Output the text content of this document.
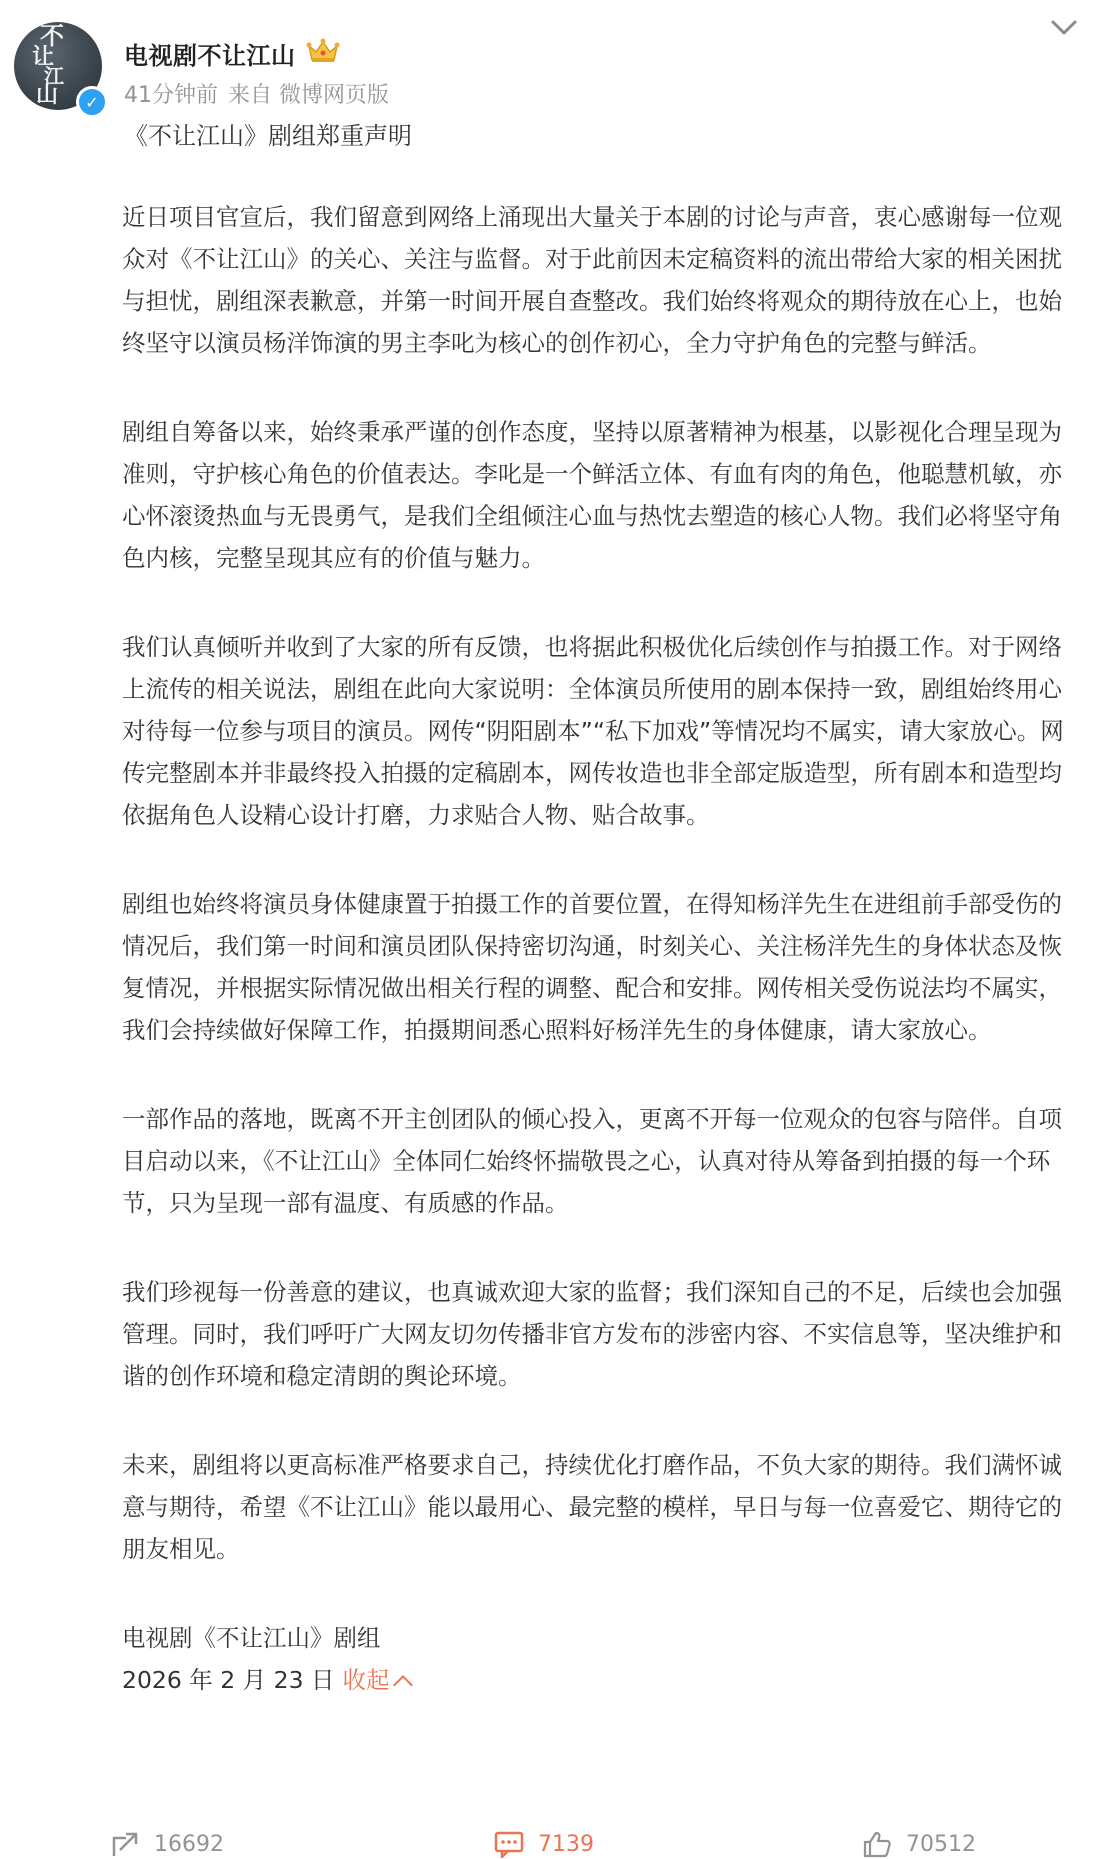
不
让
江
山	✓
电视剧不让江山
41分钟前 来自 微博网页版
《不让江山》剧组郑重声明

近日项目官宣后，我们留意到网络上涌现出大量关于本剧的讨论与声音，衷心感谢每一位观众对《不让江山》的关心、关注与监督。对于此前因未定稿资料的流出带给大家的相关困扰与担忧，剧组深表歉意，并第一时间开展自查整改。我们始终将观众的期待放在心上，也始终坚守以演员杨洋饰演的男主李叱为核心的创作初心，全力守护角色的完整与鲜活。

剧组自筹备以来，始终秉承严谨的创作态度，坚持以原著精神为根基，以影视化合理呈现为准则，守护核心角色的价值表达。李叱是一个鲜活立体、有血有肉的角色，他聪慧机敏，亦心怀滚烫热血与无畏勇气，是我们全组倾注心血与热忱去塑造的核心人物。我们必将坚守角色内核，完整呈现其应有的价值与魅力。

我们认真倾听并收到了大家的所有反馈，也将据此积极优化后续创作与拍摄工作。对于网络上流传的相关说法，剧组在此向大家说明：全体演员所使用的剧本保持一致，剧组始终用心对待每一位参与项目的演员。网传“阴阳剧本”“私下加戏”等情况均不属实，请大家放心。网传完整剧本并非最终投入拍摄的定稿剧本，网传妆造也非全部定版造型，所有剧本和造型均依据角色人设精心设计打磨，力求贴合人物、贴合故事。

剧组也始终将演员身体健康置于拍摄工作的首要位置，在得知杨洋先生在进组前手部受伤的情况后，我们第一时间和演员团队保持密切沟通，时刻关心、关注杨洋先生的身体状态及恢复情况，并根据实际情况做出相关行程的调整、配合和安排。网传相关受伤说法均不属实，我们会持续做好保障工作，拍摄期间悉心照料好杨洋先生的身体健康，请大家放心。

一部作品的落地，既离不开主创团队的倾心投入，更离不开每一位观众的包容与陪伴。自项目启动以来，《不让江山》全体同仁始终怀揣敬畏之心，认真对待从筹备到拍摄的每一个环节，只为呈现一部有温度、有质感的作品。

我们珍视每一份善意的建议，也真诚欢迎大家的监督；我们深知自己的不足，后续也会加强管理。同时，我们呼吁广大网友切勿传播非官方发布的涉密内容、不实信息等，坚决维护和谐的创作环境和稳定清朗的舆论环境。

未来，剧组将以更高标准严格要求自己，持续优化打磨作品，不负大家的期待。我们满怀诚意与期待，希望《不让江山》能以最用心、最完整的模样，早日与每一位喜爱它、期待它的朋友相见。

电视剧《不让江山》剧组

2026 年 2 月 23 日 收起

16692	7139	70512
